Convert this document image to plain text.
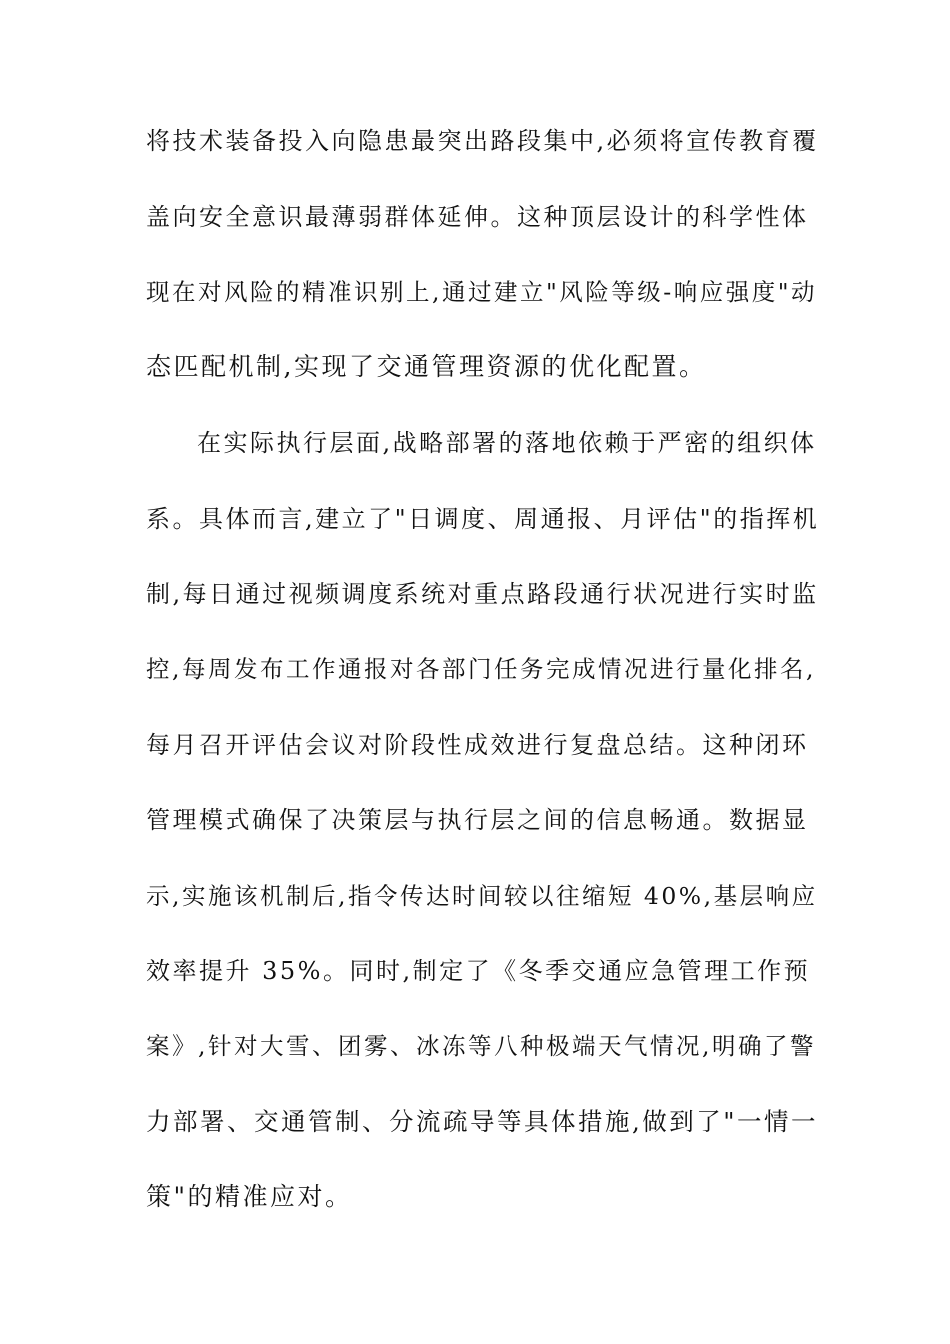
将技术装备投入向隐患最突出路段集中,必须将宣传教育覆
盖向安全意识最薄弱群体延伸。这种顶层设计的科学性体
现在对风险的精准识别上,通过建立"风险等级-响应强度"动
态匹配机制,实现了交通管理资源的优化配置。
在实际执行层面,战略部署的落地依赖于严密的组织体
系。具体而言,建立了"日调度、周通报、月评估"的指挥机
制,每日通过视频调度系统对重点路段通行状况进行实时监
控,每周发布工作通报对各部门任务完成情况进行量化排名,
每月召开评估会议对阶段性成效进行复盘总结。这种闭环
管理模式确保了决策层与执行层之间的信息畅通。数据显
示,实施该机制后,指令传达时间较以往缩短 40%,基层响应
效率提升 35%。同时,制定了《冬季交通应急管理工作预
案》,针对大雪、团雾、冰冻等八种极端天气情况,明确了警
力部署、交通管制、分流疏导等具体措施,做到了"一情一
策"的精准应对。
